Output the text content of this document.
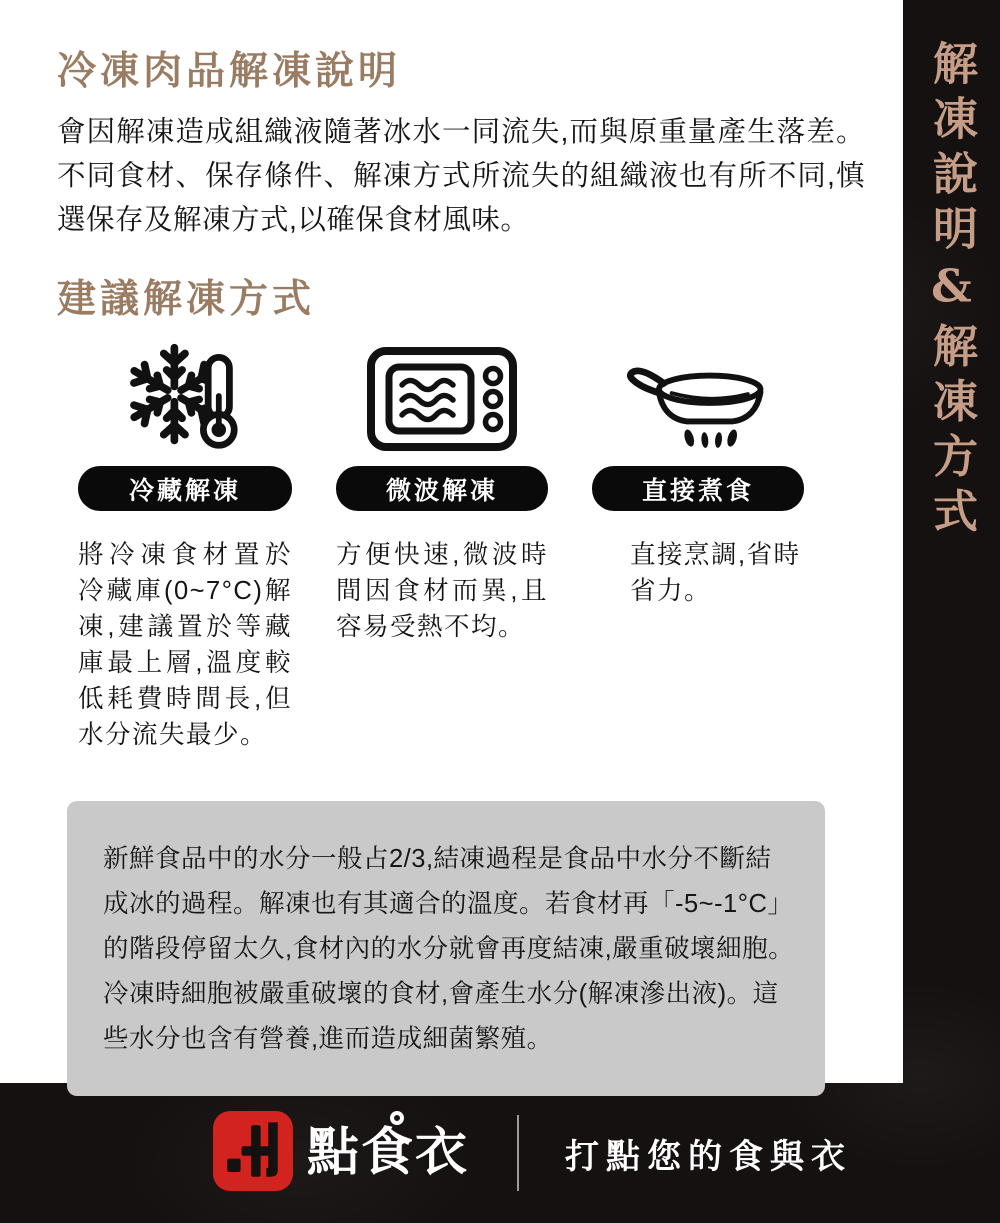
冷凍肉品解凍說明

會因解凍造成組織液隨著冰水一同流失,而與原重量產生落差。不同食材、保存條件、解凍方式所流失的組織液也有所不同,慎選保存及解凍方式,以確保食材風味。

建議解凍方式
冷藏解凍

將冷凍食材置於冷藏庫(0~7°C)解凍,建議置於等藏庫最上層,溫度較低耗費時間長,但水分流失最少。

微波解凍

方便快速,微波時間因食材而異,且容易受熱不均。

直接煮食

直接烹調,省時省力。

新鮮食品中的水分一般占2/3,結凍過程是食品中水分不斷結成冰的過程。解凍也有其適合的溫度。若食材再「-5~-1°C」的階段停留太久,食材內的水分就會再度結凍,嚴重破壞細胞。

冷凍時細胞被嚴重破壞的食材,會產生水分(解凍滲出液)。這些水分也含有營養,進而造成細菌繁殖。

解凍說明&解凍方式
點食衣	打點您的食與衣
